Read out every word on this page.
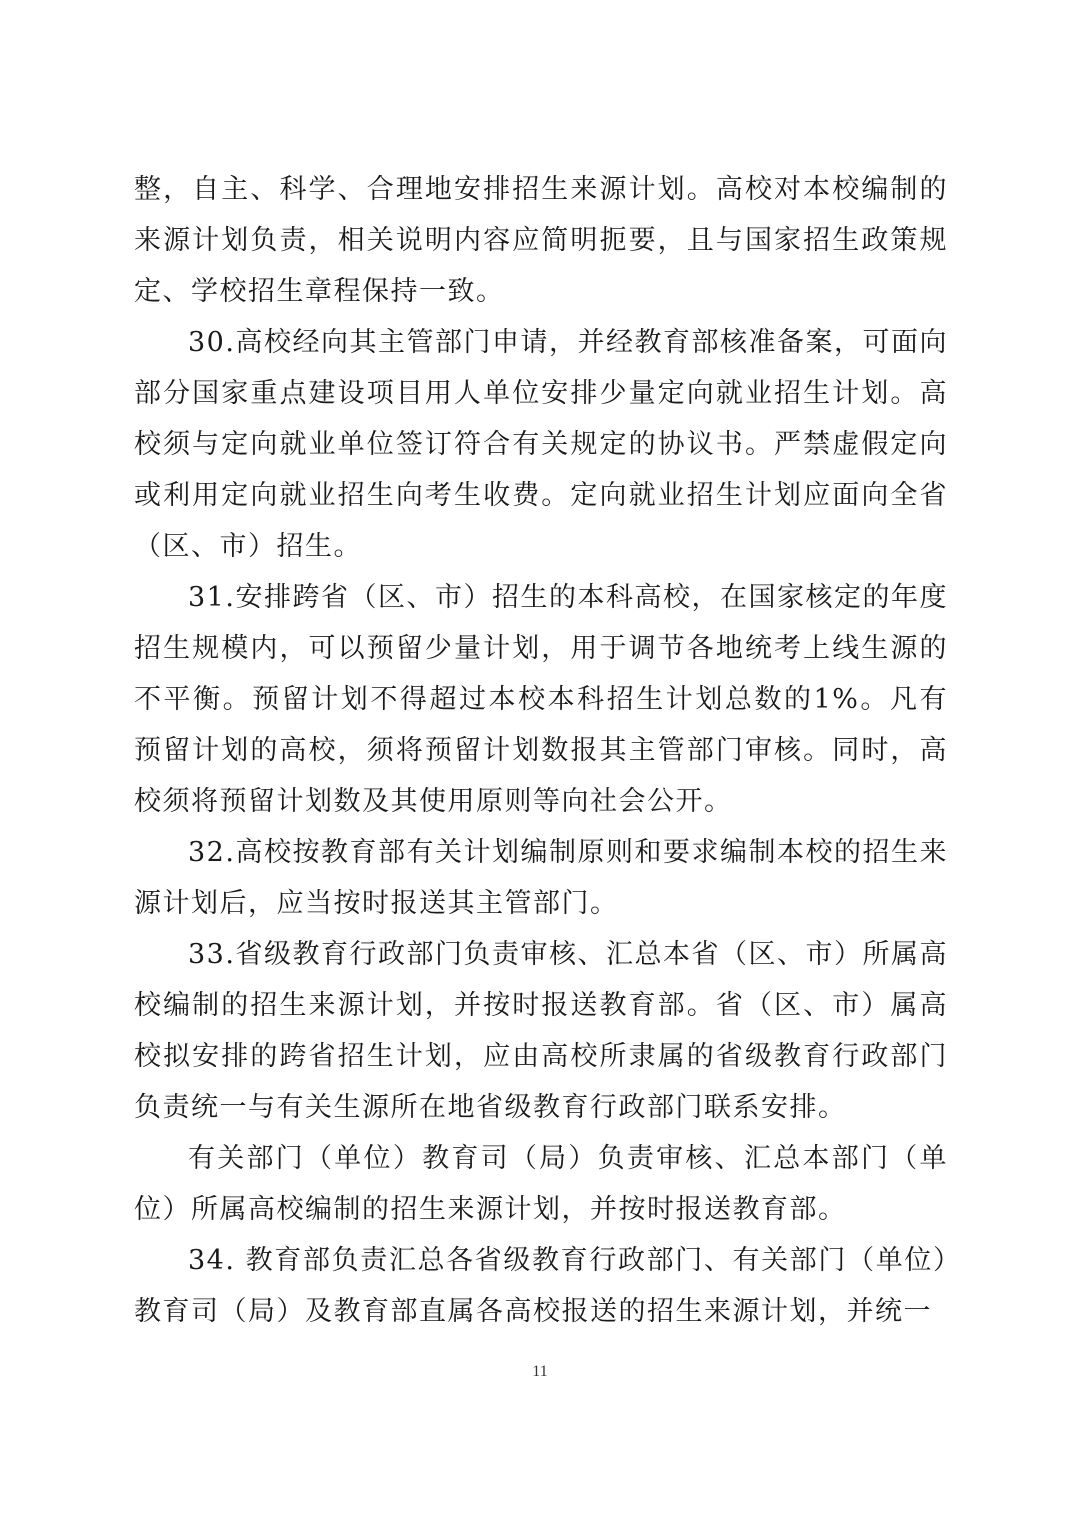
整，自主、科学、合理地安排招生来源计划。高校对本校编制的来源计划负责，相关说明内容应简明扼要，且与国家招生政策规定、学校招生章程保持一致。

30.高校经向其主管部门申请，并经教育部核准备案，可面向部分国家重点建设项目用人单位安排少量定向就业招生计划。高校须与定向就业单位签订符合有关规定的协议书。严禁虚假定向或利用定向就业招生向考生收费。定向就业招生计划应面向全省（区、市）招生。

31.安排跨省（区、市）招生的本科高校，在国家核定的年度招生规模内，可以预留少量计划，用于调节各地统考上线生源的不平衡。预留计划不得超过本校本科招生计划总数的1%。凡有预留计划的高校，须将预留计划数报其主管部门审核。同时，高校须将预留计划数及其使用原则等向社会公开。

32.高校按教育部有关计划编制原则和要求编制本校的招生来源计划后，应当按时报送其主管部门。

33.省级教育行政部门负责审核、汇总本省（区、市）所属高校编制的招生来源计划，并按时报送教育部。省（区、市）属高校拟安排的跨省招生计划，应由高校所隶属的省级教育行政部门负责统一与有关生源所在地省级教育行政部门联系安排。

有关部门（单位）教育司（局）负责审核、汇总本部门（单位）所属高校编制的招生来源计划，并按时报送教育部。

34. 教育部负责汇总各省级教育行政部门、有关部门（单位）教育司（局）及教育部直属各高校报送的招生来源计划，并统一

11
